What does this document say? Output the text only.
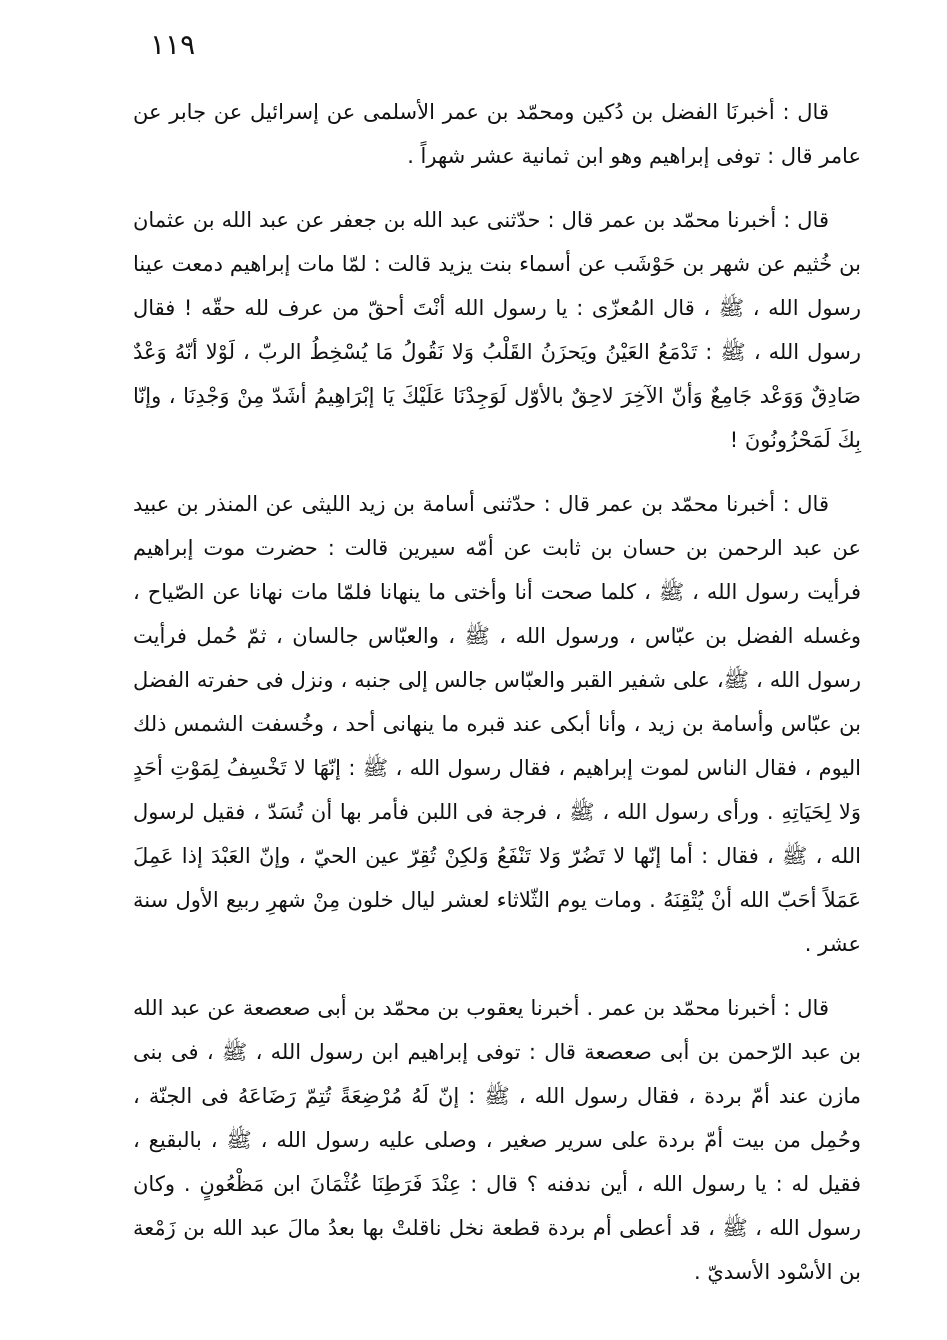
١١٩

قال : أخبرنَا الفضل بن دُكين ومحمّد بن عمر الأسلمى عن إسرائيل عن جابر عن عامر قال : توفى إبراهيم وهو ابن ثمانية عشر شهراً .

قال : أخبرنا محمّد بن عمر قال : حدّثنى عبد الله بن جعفر عن عبد الله بن عثمان بن خُثيم عن شهر بن حَوْشَب عن أسماء بنت يزيد قالت : لمّا مات إبراهيم دمعت عينا رسول الله ، ﷺ ، قال المُعزّى : يا رسول الله أنْتَ أحقّ من عرف لله حقّه ! فقال رسول الله ، ﷺ : تَدْمَعُ العَيْنُ ويَحزَنُ القَلْبُ وَلا نَقُولُ مَا يُسْخِطُ الربّ ، لَوْلا أنّهُ وَعْدٌ صَادِقٌ وَوَعْد جَامِعٌ وَأنّ الآخِرَ لاحِقٌ بالأوّل لَوَجِدْنَا عَلَيْكَ يَا إبْرَاهِيمُ أشَدّ مِنْ وَجْدِنَا ، وإنّا بِكَ لَمَحْزُونُونَ !

قال : أخبرنا محمّد بن عمر قال : حدّثنى أسامة بن زيد الليثى عن المنذر بن عبيد عن عبد الرحمن بن حسان بن ثابت عن أمّه سيرين قالت : حضرت موت إبراهيم فرأيت رسول الله ، ﷺ ، كلما صحت أنا وأختى ما ينهانا فلمّا مات نهانا عن الصّياح ، وغسله الفضل بن عبّاس ، ورسول الله ، ﷺ ، والعبّاس جالسان ، ثمّ حُمل فرأيت رسول الله ، ﷺ، على شفير القبر والعبّاس جالس إلى جنبه ، ونزل فى حفرته الفضل بن عبّاس وأسامة بن زيد ، وأنا أبكى عند قبره ما ينهانى أحد ، وخُسفت الشمس ذلك اليوم ، فقال الناس لموت إبراهيم ، فقال رسول الله ، ﷺ : إنّهَا لا تَخْسِفُ لِمَوْتِ أحَدٍ وَلا لِحَيَاتِهِ . ورأى رسول الله ، ﷺ ، فرجة فى اللبن فأمر بها أن تُسَدّ ، فقيل لرسول الله ، ﷺ ، فقال : أما إنّها لا تَضُرّ وَلا تَنْفَعُ وَلكِنْ تُقِرّ عين الحيّ ، وإنّ العَبْدَ إذا عَمِلَ عَمَلاً أحَبّ الله أنْ يُتْقِنَهُ . ومات يوم الثّلاثاء لعشر ليال خلون مِنْ شهرِ ربيع الأول سنة عشر .

قال : أخبرنا محمّد بن عمر . أخبرنا يعقوب بن محمّد بن أبى صعصعة عن عبد الله بن عبد الرّحمن بن أبى صعصعة قال : توفى إبراهيم ابن رسول الله ، ﷺ ، فى بنى مازن عند أمّ بردة ، فقال رسول الله ، ﷺ : إنّ لَهُ مُرْضِعَةً تُتِمّ رَضَاعَهُ فى الجنّة ، وحُمِل من بيت أمّ بردة على سرير صغير ، وصلى عليه رسول الله ، ﷺ ، بالبقيع ، فقيل له : يا رسول الله ، أين ندفنه ؟ قال : عِنْدَ فَرَطِنَا عُثْمَانَ ابن مَظْعُونٍ . وكان رسول الله ، ﷺ ، قد أعطى أم بردة قطعة نخل ناقلتْ بها بعدُ مالَ عبد الله بن زَمْعة بن الأسْود الأسديّ .
